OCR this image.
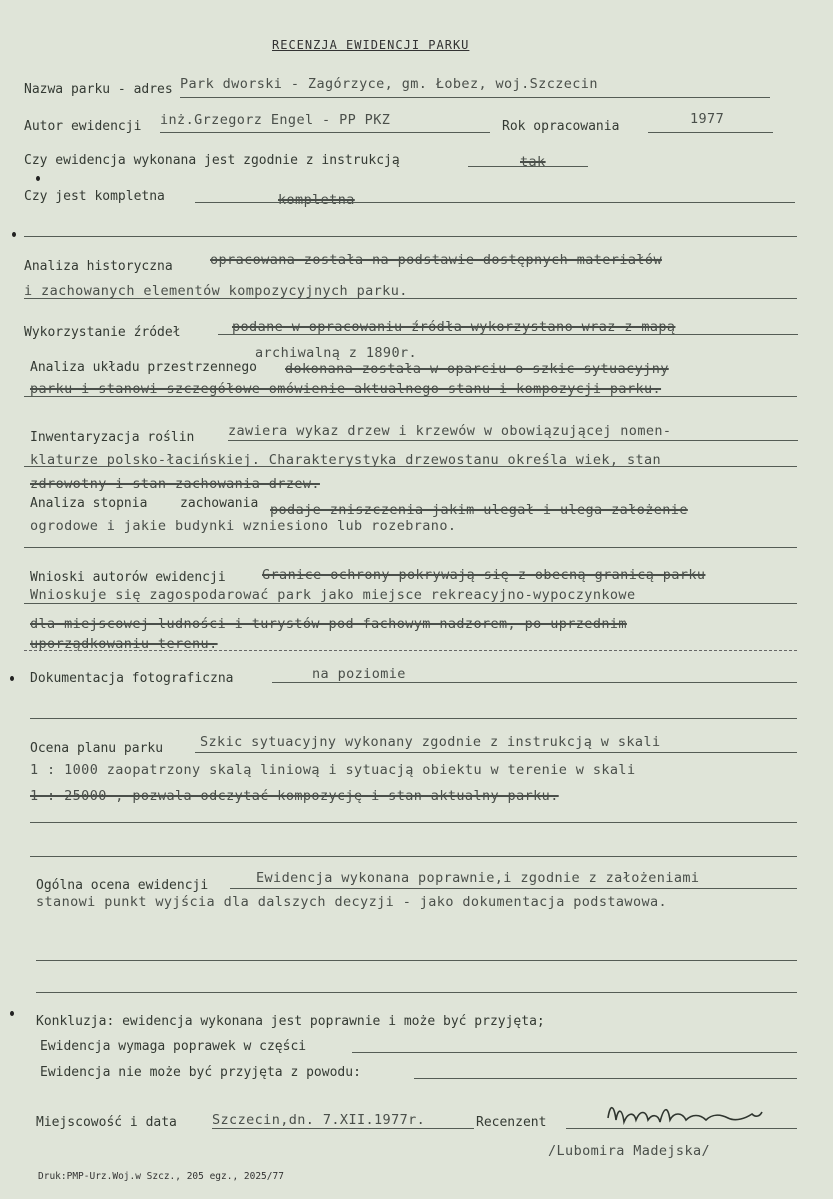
RECENZJA EWIDENCJI PARKU
Nazwa parku - adres Park dworski - Zagórzyce, gm. Łobez, woj.Szczecin
Autor ewidencji inż.Grzegorz Engel - PP PKZ	Rok opracowania	1977
Czy ewidencja wykonana jest zgodnie z instrukcją	tak
Czy jest kompletna	kompletna
Analiza historyczna	opracowana została na podstawie dostępnych materiałów
i zachowanych elementów kompozycyjnych parku.
Wykorzystanie źródeł	podane w opracowaniu źródła wykorzystano wraz z mapą
archiwalną z 1890r.
Analiza układu przestrzennego dokonana została w oparciu o szkic sytuacyjny
parku i stanowi szczegółowe omówienie aktualnego stanu i kompozycji parku.
Inwentaryzacja roślin zawiera wykaz drzew i krzewów w obowiązującej nomen-
klaturze polsko-łacińskiej. Charakterystyka drzewostanu określa wiek, stan
zdrowotny i stan zachowania drzew.
Analiza stopnia	zachowania podaje zniszczenia jakim ulegał i ulega założenie
ogrodowe i jakie budynki wzniesiono lub rozebrano.
Wnioski autorów ewidencji	Granice ochrony pokrywają się z obecną granicą parku
Wnioskuje się zagospodarować park jako miejsce rekreacyjno-wypoczynkowe
dla miejscowej ludności i turystów pod fachowym nadzorem, po uprzednim
uporządkowaniu terenu.
Dokumentacja fotograficzna	na poziomie
Ocena planu parku	Szkic sytuacyjny wykonany zgodnie z instrukcją w skali
1 : 1000 zaopatrzony skalą liniową i sytuacją obiektu w terenie w skali
1 : 25000 , pozwala odczytać kompozycję i stan aktualny parku.
Ogólna ocena ewidencji	Ewidencja wykonana poprawnie,i zgodnie z założeniami
stanowi punkt wyjścia dla dalszych decyzji - jako dokumentacja podstawowa.
Konkluzja: ewidencja wykonana jest poprawnie i może być przyjęta;
Ewidencja wymaga poprawek w części
Ewidencja nie może być przyjęta z powodu:
Miejscowość i data	Szczecin,dn. 7.XII.1977r.	Recenzent
/Lubomira Madejska/
Druk:PMP-Urz.Woj.w Szcz., 205 egz., 2025/77
